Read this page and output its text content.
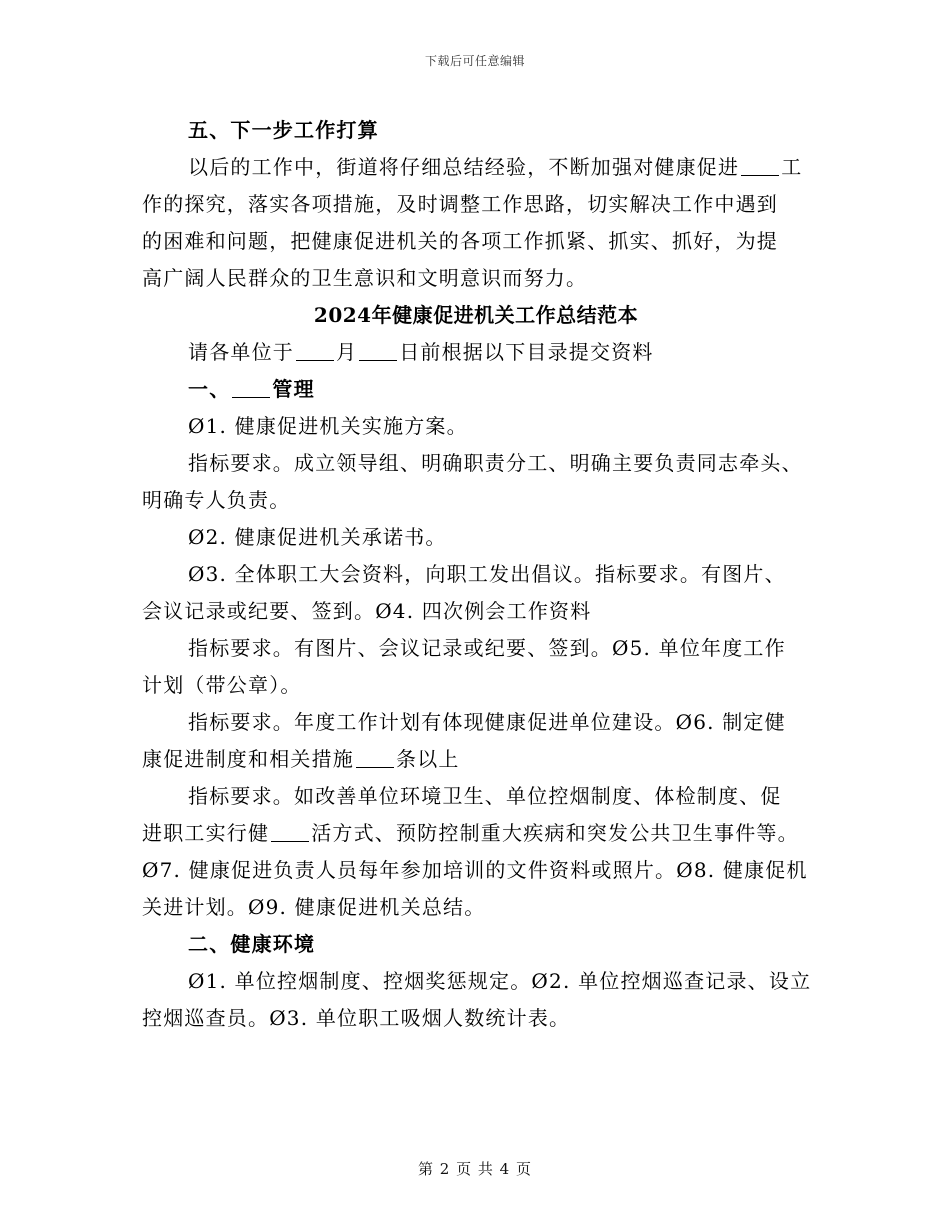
下载后可任意编辑
五、下一步工作打算
以后的工作中，街道将仔细总结经验，不断加强对健康促进 工
作的探究，落实各项措施，及时调整工作思路，切实解决工作中遇到
的困难和问题，把健康促进机关的各项工作抓紧、抓实、抓好，为提
高广阔人民群众的卫生意识和文明意识而努力。
2024年健康促进机关工作总结范本
请各单位于 月 日前根据以下目录提交资料
一、 管理
Ø1. 健康促进机关实施方案。
指标要求。成立领导组、明确职责分工、明确主要负责同志牵头、
明确专人负责。
Ø2. 健康促进机关承诺书。
Ø3. 全体职工大会资料，向职工发出倡议。指标要求。有图片、
会议记录或纪要、签到。Ø4. 四次例会工作资料
指标要求。有图片、会议记录或纪要、签到。Ø5. 单位年度工作
计划（带公章）。
指标要求。年度工作计划有体现健康促进单位建设。Ø6. 制定健
康促进制度和相关措施 条以上
指标要求。如改善单位环境卫生、单位控烟制度、体检制度、促
进职工实行健 活方式、预防控制重大疾病和突发公共卫生事件等。
Ø7. 健康促进负责人员每年参加培训的文件资料或照片。Ø8. 健康促机
关进计划。Ø9. 健康促进机关总结。
二、健康环境
Ø1. 单位控烟制度、控烟奖惩规定。Ø2. 单位控烟巡查记录、设立
控烟巡查员。Ø3. 单位职工吸烟人数统计表。
第 2 页 共 4 页
